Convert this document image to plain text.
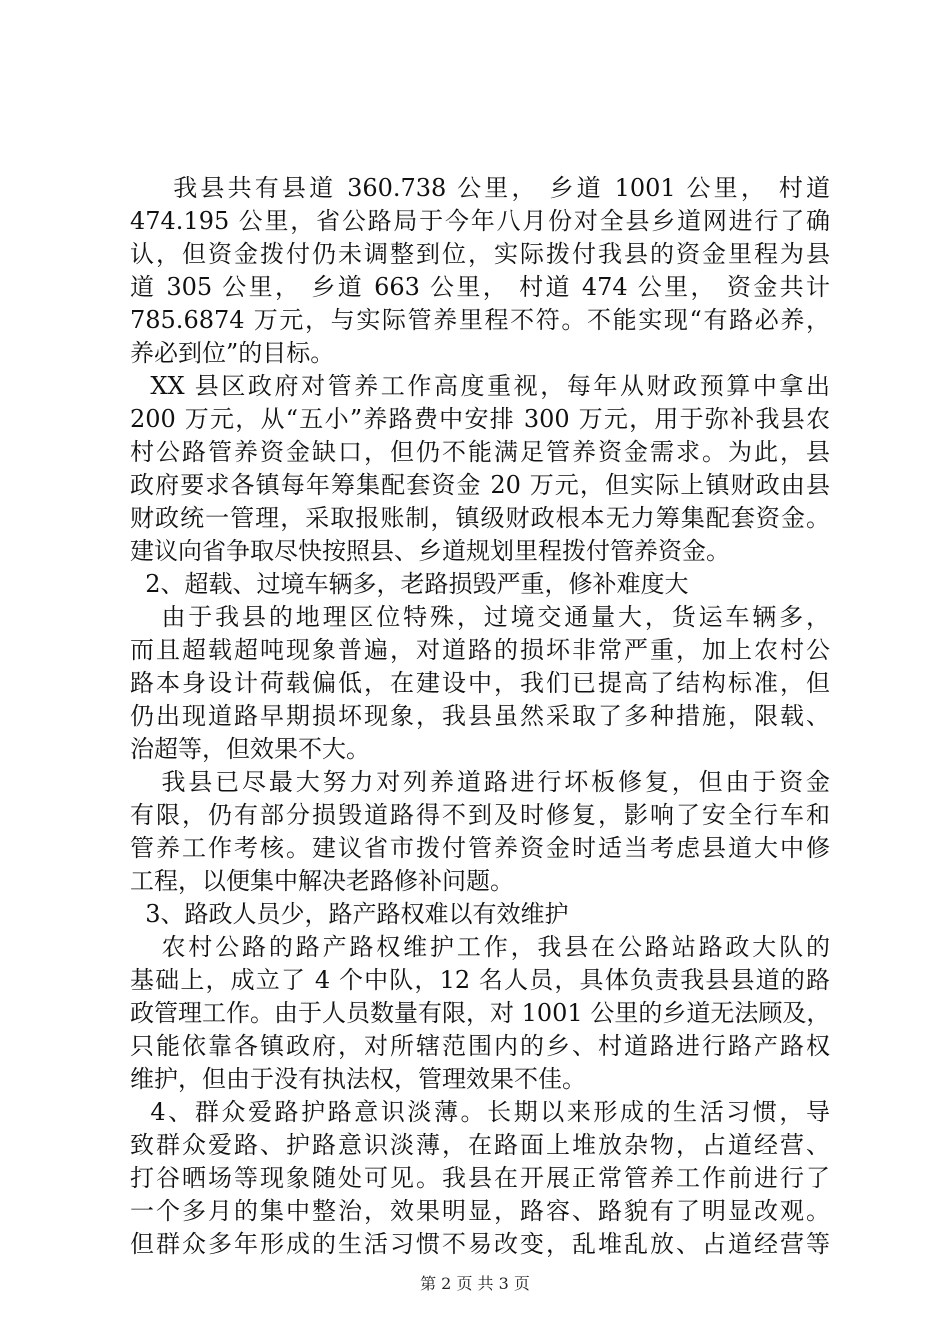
我县共有县道 360.738 公里， 乡道 1001 公里， 村道
474.195 公里，省公路局于今年八月份对全县乡道网进行了确
认，但资金拨付仍未调整到位，实际拨付我县的资金里程为县
道 305 公里， 乡道 663 公里， 村道 474 公里， 资金共计
785.6874 万元，与实际管养里程不符。不能实现“有路必养，
养必到位”的目标。
XX 县区政府对管养工作高度重视，每年从财政预算中拿出
200 万元，从“五小”养路费中安排 300 万元，用于弥补我县农
村公路管养资金缺口，但仍不能满足管养资金需求。为此，县
政府要求各镇每年筹集配套资金 20 万元，但实际上镇财政由县
财政统一管理，采取报账制，镇级财政根本无力筹集配套资金。
建议向省争取尽快按照县、乡道规划里程拨付管养资金。
2、超载、过境车辆多，老路损毁严重，修补难度大
由于我县的地理区位特殊，过境交通量大，货运车辆多，
而且超载超吨现象普遍，对道路的损坏非常严重，加上农村公
路本身设计荷载偏低，在建设中，我们已提高了结构标准，但
仍出现道路早期损坏现象，我县虽然采取了多种措施，限载、
治超等，但效果不大。
我县已尽最大努力对列养道路进行坏板修复，但由于资金
有限，仍有部分损毁道路得不到及时修复，影响了安全行车和
管养工作考核。建议省市拨付管养资金时适当考虑县道大中修
工程，以便集中解决老路修补问题。
3、路政人员少，路产路权难以有效维护
农村公路的路产路权维护工作，我县在公路站路政大队的
基础上，成立了 4 个中队，12 名人员，具体负责我县县道的路
政管理工作。由于人员数量有限，对 1001 公里的乡道无法顾及，
只能依靠各镇政府，对所辖范围内的乡、村道路进行路产路权
维护，但由于没有执法权，管理效果不佳。
4、群众爱路护路意识淡薄。长期以来形成的生活习惯，导
致群众爱路、护路意识淡薄，在路面上堆放杂物，占道经营、
打谷晒场等现象随处可见。我县在开展正常管养工作前进行了
一个多月的集中整治，效果明显，路容、路貌有了明显改观。
但群众多年形成的生活习惯不易改变，乱堆乱放、占道经营等
第 2 页 共 3 页
